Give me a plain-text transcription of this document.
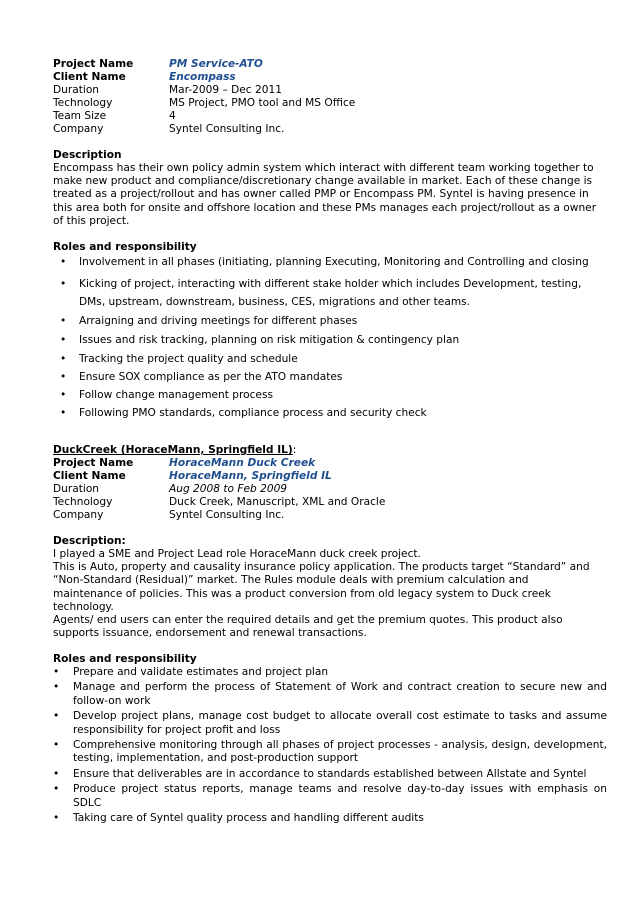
Project Name	PM Service-ATO
Client Name	Encompass
Duration	Mar-2009 – Dec 2011
Technology	MS Project, PMO tool and MS Office
Team Size	4
Company	Syntel Consulting Inc.
Description
Encompass has their own policy admin system which interact with different team working together to
make new product and compliance/discretionary change available in market. Each of these change is
treated as a project/rollout and has owner called PMP or Encompass PM. Syntel is having presence in
this area both for onsite and offshore location and these PMs manages each project/rollout as a owner
of this project.
Roles and responsibility
• Involvement in all phases (initiating, planning Executing, Monitoring and Controlling and closing
• Kicking of project, interacting with different stake holder which includes Development, testing, DMs, upstream, downstream, business, CES, migrations and other teams.
• Arraigning and driving meetings for different phases
• Issues and risk tracking, planning on risk mitigation & contingency plan
• Tracking the project quality and schedule
• Ensure SOX compliance as per the ATO mandates
• Follow change management process
• Following PMO standards, compliance process and security check
DuckCreek (HoraceMann, Springfield IL):
Project Name	HoraceMann Duck Creek
Client Name	HoraceMann, Springfield IL
Duration	Aug 2008 to Feb 2009
Technology	Duck Creek, Manuscript, XML and Oracle
Company	Syntel Consulting Inc.
Description:
I played a SME and Project Lead role HoraceMann duck creek project.
This is Auto, property and causality insurance policy application. The products target “Standard” and
“Non-Standard (Residual)” market. The Rules module deals with premium calculation and
maintenance of policies. This was a product conversion from old legacy system to Duck creek
technology.
Agents/ end users can enter the required details and get the premium quotes. This product also
supports issuance, endorsement and renewal transactions.
Roles and responsibility
• Prepare and validate estimates and project plan
• Manage and perform the process of Statement of Work and contract creation to secure new and follow-on work
• Develop project plans, manage cost budget to allocate overall cost estimate to tasks and assume responsibility for project profit and loss
• Comprehensive monitoring through all phases of project processes - analysis, design, development, testing, implementation, and post-production support
• Ensure that deliverables are in accordance to standards established between Allstate and Syntel
• Produce project status reports, manage teams and resolve day-to-day issues with emphasis on SDLC
• Taking care of Syntel quality process and handling different audits
